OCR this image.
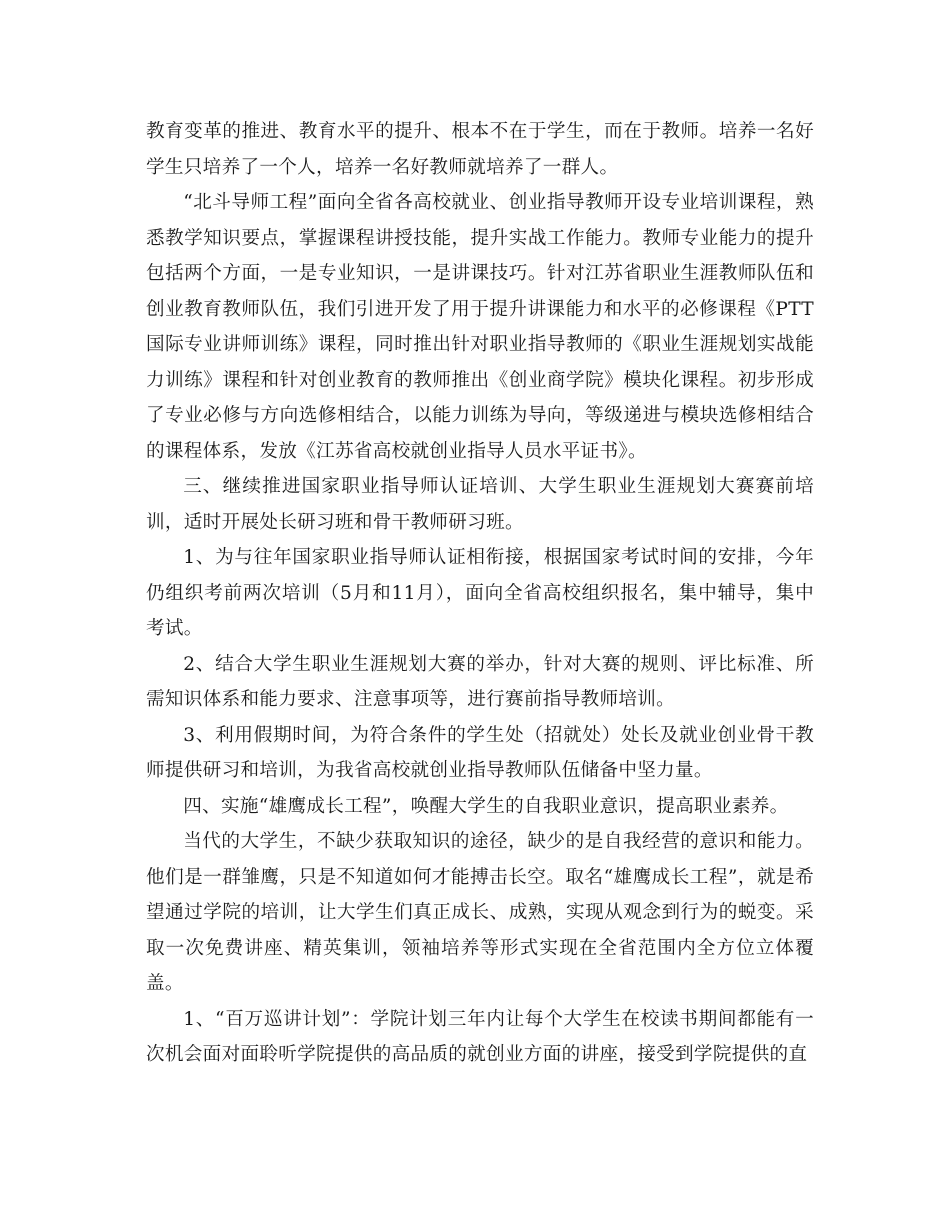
教育变革的推进、教育水平的提升、根本不在于学生，而在于教师。培养一名好学生只培养了一个人，培养一名好教师就培养了一群人。

“北斗导师工程”面向全省各高校就业、创业指导教师开设专业培训课程，熟悉教学知识要点，掌握课程讲授技能，提升实战工作能力。教师专业能力的提升包括两个方面，一是专业知识，一是讲课技巧。针对江苏省职业生涯教师队伍和创业教育教师队伍，我们引进开发了用于提升讲课能力和水平的必修课程《PTT国际专业讲师训练》课程，同时推出针对职业指导教师的《职业生涯规划实战能力训练》课程和针对创业教育的教师推出《创业商学院》模块化课程。初步形成了专业必修与方向选修相结合，以能力训练为导向，等级递进与模块选修相结合的课程体系，发放《江苏省高校就创业指导人员水平证书》。

三、继续推进国家职业指导师认证培训、大学生职业生涯规划大赛赛前培训，适时开展处长研习班和骨干教师研习班。

1、为与往年国家职业指导师认证相衔接，根据国家考试时间的安排，今年仍组织考前两次培训（5月和11月），面向全省高校组织报名，集中辅导，集中考试。

2、结合大学生职业生涯规划大赛的举办，针对大赛的规则、评比标准、所需知识体系和能力要求、注意事项等，进行赛前指导教师培训。

3、利用假期时间，为符合条件的学生处（招就处）处长及就业创业骨干教师提供研习和培训，为我省高校就创业指导教师队伍储备中坚力量。

四、实施“雄鹰成长工程”，唤醒大学生的自我职业意识，提高职业素养。

当代的大学生，不缺少获取知识的途径，缺少的是自我经营的意识和能力。他们是一群雏鹰，只是不知道如何才能搏击长空。取名“雄鹰成长工程”，就是希望通过学院的培训，让大学生们真正成长、成熟，实现从观念到行为的蜕变。采取一次免费讲座、精英集训，领袖培养等形式实现在全省范围内全方位立体覆盖。

1、“百万巡讲计划”：学院计划三年内让每个大学生在校读书期间都能有一次机会面对面聆听学院提供的高品质的就创业方面的讲座，接受到学院提供的直
